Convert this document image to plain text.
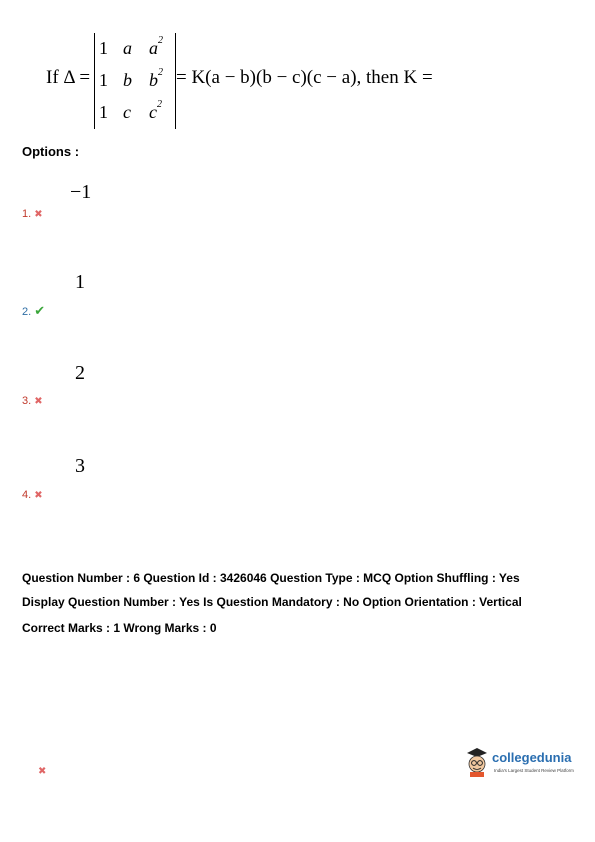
If Δ =
1 a $a^2$
1 b $b^2$
1 c $c^2$
= K(a − b)(b − c)(c − a), then K =
Options :
−1
1. ✖
1
2. ✔
2
3. ✖
3
4. ✖
Question Number : 6 Question Id : 3426046 Question Type : MCQ Option Shuffling : Yes
Display Question Number : Yes Is Question Mandatory : No Option Orientation : Vertical
Correct Marks : 1 Wrong Marks : 0
✖
collegedunia
India's Largest Student Review Platform
